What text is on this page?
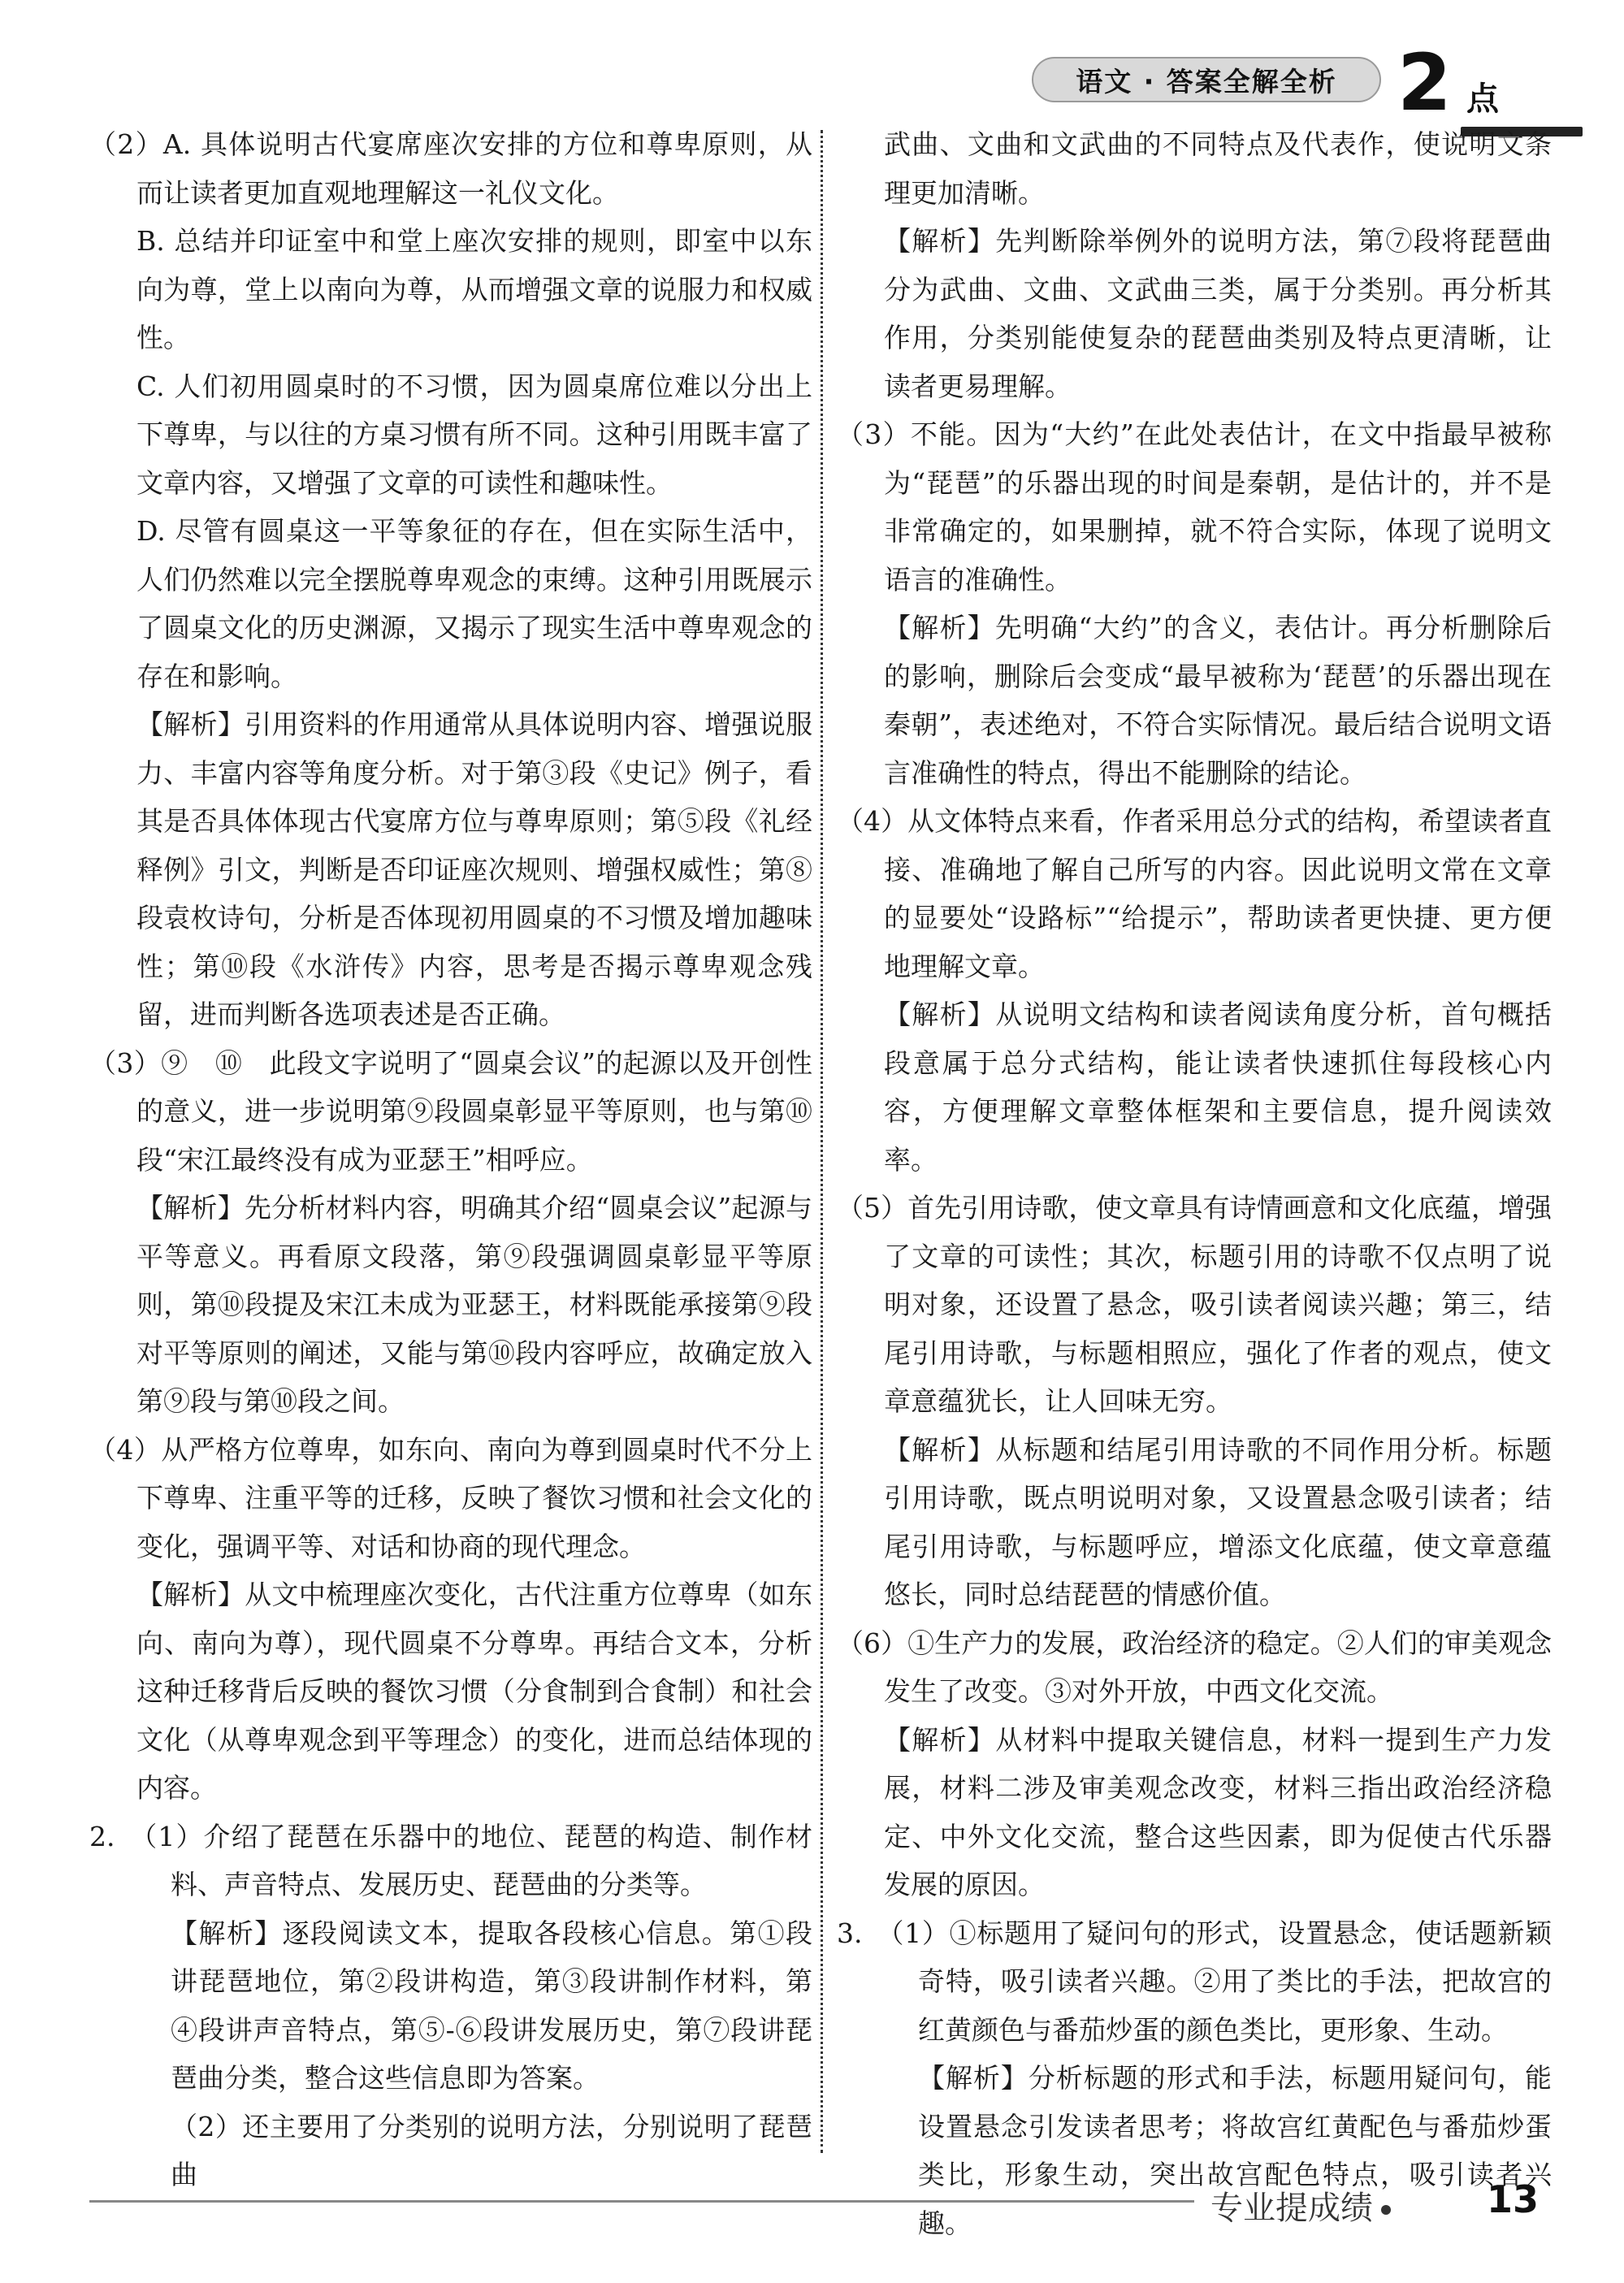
语文 · 答案全解全析 2 点

（2）A. 具体说明古代宴席座次安排的方位和尊卑原则，从而让读者更加直观地理解这一礼仪文化。

B. 总结并印证室中和堂上座次安排的规则，即室中以东向为尊，堂上以南向为尊，从而增强文章的说服力和权威性。

C. 人们初用圆桌时的不习惯，因为圆桌席位难以分出上下尊卑，与以往的方桌习惯有所不同。这种引用既丰富了文章内容，又增强了文章的可读性和趣味性。

D. 尽管有圆桌这一平等象征的存在，但在实际生活中，人们仍然难以完全摆脱尊卑观念的束缚。这种引用既展示了圆桌文化的历史渊源，又揭示了现实生活中尊卑观念的存在和影响。

【解析】引用资料的作用通常从具体说明内容、增强说服力、丰富内容等角度分析。对于第③段《史记》例子，看其是否具体体现古代宴席方位与尊卑原则；第⑤段《礼经释例》引文，判断是否印证座次规则、增强权威性；第⑧段袁枚诗句，分析是否体现初用圆桌的不习惯及增加趣味性；第⑩段《水浒传》内容，思考是否揭示尊卑观念残留，进而判断各选项表述是否正确。

（3）⑨　⑩　此段文字说明了“圆桌会议”的起源以及开创性的意义，进一步说明第⑨段圆桌彰显平等原则，也与第⑩段“宋江最终没有成为亚瑟王”相呼应。

【解析】先分析材料内容，明确其介绍“圆桌会议”起源与平等意义。再看原文段落，第⑨段强调圆桌彰显平等原则，第⑩段提及宋江未成为亚瑟王，材料既能承接第⑨段对平等原则的阐述，又能与第⑩段内容呼应，故确定放入第⑨段与第⑩段之间。

（4）从严格方位尊卑，如东向、南向为尊到圆桌时代不分上下尊卑、注重平等的迁移，反映了餐饮习惯和社会文化的变化，强调平等、对话和协商的现代理念。

【解析】从文中梳理座次变化，古代注重方位尊卑（如东向、南向为尊），现代圆桌不分尊卑。再结合文本，分析这种迁移背后反映的餐饮习惯（分食制到合食制）和社会文化（从尊卑观念到平等理念）的变化，进而总结体现的内容。

2.　（1）介绍了琵琶在乐器中的地位、琵琶的构造、制作材料、声音特点、发展历史、琵琶曲的分类等。

【解析】逐段阅读文本，提取各段核心信息。第①段讲琵琶地位，第②段讲构造，第③段讲制作材料，第④段讲声音特点，第⑤-⑥段讲发展历史，第⑦段讲琵琶曲分类，整合这些信息即为答案。

（2）还主要用了分类别的说明方法，分别说明了琵琶曲

武曲、文曲和文武曲的不同特点及代表作，使说明文条理更加清晰。

【解析】先判断除举例外的说明方法，第⑦段将琵琶曲分为武曲、文曲、文武曲三类，属于分类别。再分析其作用，分类别能使复杂的琵琶曲类别及特点更清晰，让读者更易理解。

（3）不能。因为“大约”在此处表估计，在文中指最早被称为“琵琶”的乐器出现的时间是秦朝，是估计的，并不是非常确定的，如果删掉，就不符合实际，体现了说明文语言的准确性。

【解析】先明确“大约”的含义，表估计。再分析删除后的影响，删除后会变成“最早被称为‘琵琶’的乐器出现在秦朝”，表述绝对，不符合实际情况。最后结合说明文语言准确性的特点，得出不能删除的结论。

（4）从文体特点来看，作者采用总分式的结构，希望读者直接、准确地了解自己所写的内容。因此说明文常在文章的显要处“设路标”“给提示”，帮助读者更快捷、更方便地理解文章。

【解析】从说明文结构和读者阅读角度分析，首句概括段意属于总分式结构，能让读者快速抓住每段核心内容，方便理解文章整体框架和主要信息，提升阅读效率。

（5）首先引用诗歌，使文章具有诗情画意和文化底蕴，增强了文章的可读性；其次，标题引用的诗歌不仅点明了说明对象，还设置了悬念，吸引读者阅读兴趣；第三，结尾引用诗歌，与标题相照应，强化了作者的观点，使文章意蕴犹长，让人回味无穷。

【解析】从标题和结尾引用诗歌的不同作用分析。标题引用诗歌，既点明说明对象，又设置悬念吸引读者；结尾引用诗歌，与标题呼应，增添文化底蕴，使文章意蕴悠长，同时总结琵琶的情感价值。

（6）①生产力的发展，政治经济的稳定。②人们的审美观念发生了改变。③对外开放，中西文化交流。

【解析】从材料中提取关键信息，材料一提到生产力发展，材料二涉及审美观念改变，材料三指出政治经济稳定、中外文化交流，整合这些因素，即为促使古代乐器发展的原因。

3.　（1）①标题用了疑问句的形式，设置悬念，使话题新颖奇特，吸引读者兴趣。②用了类比的手法，把故宫的红黄颜色与番茄炒蛋的颜色类比，更形象、生动。

【解析】分析标题的形式和手法，标题用疑问句，能设置悬念引发读者思考；将故宫红黄配色与番茄炒蛋类比，形象生动，突出故宫配色特点，吸引读者兴趣。	专业提成绩	13
